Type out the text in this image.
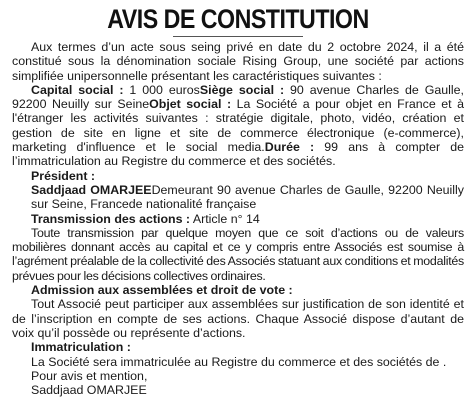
AVIS DE CONSTITUTION

Aux termes d’un acte sous seing privé en date du 2 octobre 2024, il a été constitué sous la dénomination sociale Rising Group, une société par actions simplifiée unipersonnelle présentant les caractéristiques suivantes :

Capital social : 1 000 eurosSiège social : 90 avenue Charles de Gaulle, 92200 Neuilly sur SeineObjet social : La Société a pour objet en France et à l'étranger les activités suivantes : stratégie digitale, photo, vidéo, création et gestion de site en ligne et site de commerce électronique (e-commerce), marketing d'influence et le social media.Durée : 99 ans à compter de l’immatriculation au Registre du commerce et des sociétés.

Président :

Saddjaad OMARJEEDemeurant 90 avenue Charles de Gaulle, 92200 Neuilly sur Seine, Francede nationalité française

Transmission des actions : Article n° 14

Toute transmission par quelque moyen que ce soit d’actions ou de valeurs mobilières donnant accès au capital et ce y compris entre Associés est soumise à l’agrément préalable de la collectivité des Associés statuant aux conditions et modalités prévues pour les décisions collectives ordinaires.

Admission aux assemblées et droit de vote :

Tout Associé peut participer aux assemblées sur justification de son identité et de l’inscription en compte de ses actions. Chaque Associé dispose d’autant de voix qu’il possède ou représente d’actions.

Immatriculation :
La Société sera immatriculée au Registre du commerce et des sociétés de .
Pour avis et mention,
Saddjaad OMARJEE
